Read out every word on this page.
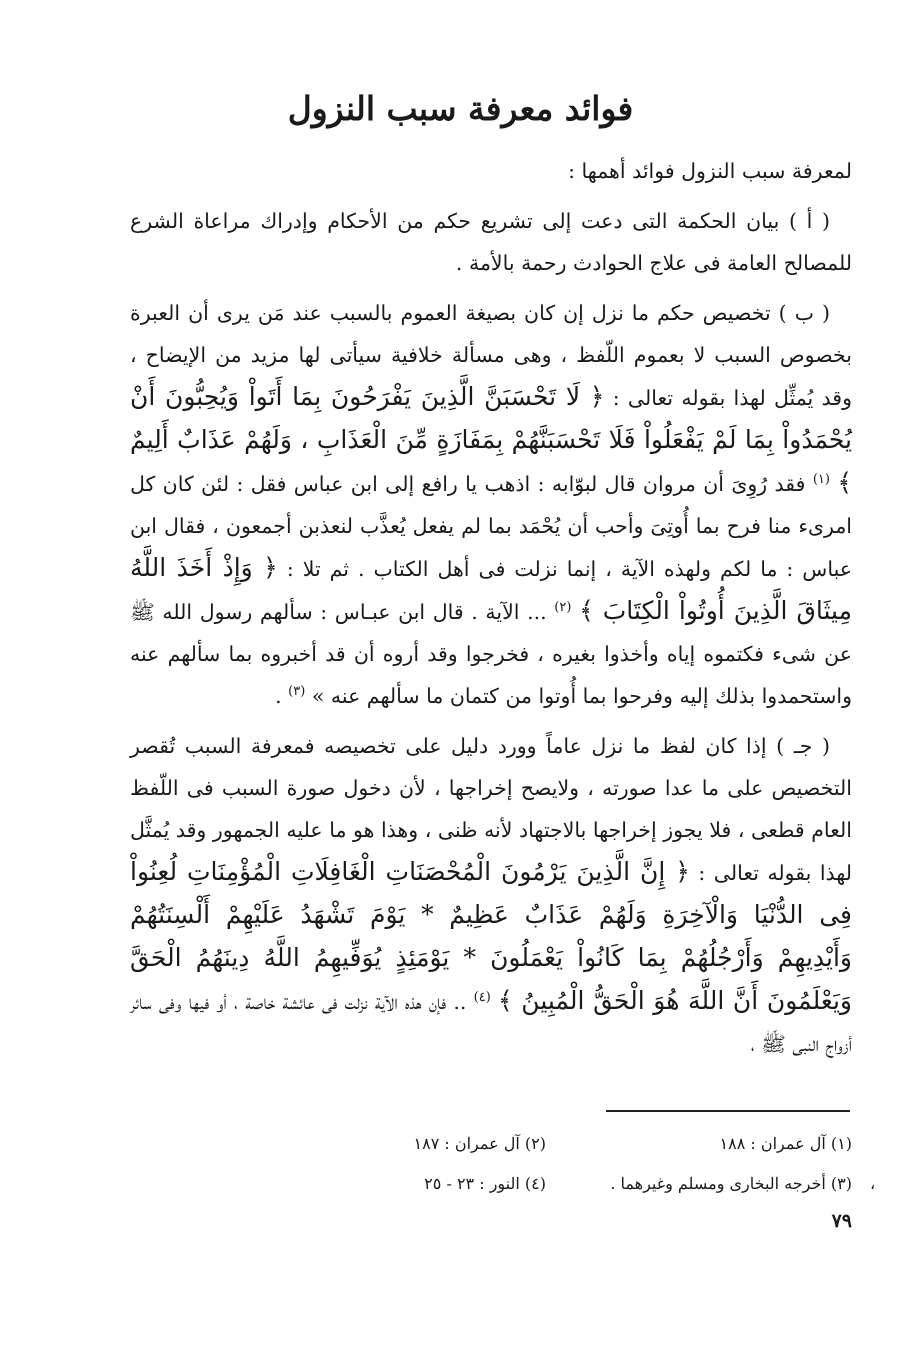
فوائد معرفة سبب النزول

لمعرفة سبب النزول فوائد أهمها :

( أ ) بيان الحكمة التى دعت إلى تشريع حكم من الأحكام وإدراك مراعاة الشرع للمصالح العامة فى علاج الحوادث رحمة بالأمة .

( ب ) تخصيص حكم ما نزل إن كان بصيغة العموم بالسبب عند مَن يرى أن العبرة بخصوص السبب لا بعموم اللّفظ ، وهى مسألة خلافية سيأتى لها مزيد من الإيضاح ، وقد يُمثِّل لهذا بقوله تعالى : ﴿ لَا تَحْسَبَنَّ الَّذِينَ يَفْرَحُونَ بِمَا أَتَواْ وَيُحِبُّونَ أَنْ يُحْمَدُواْ بِمَا لَمْ يَفْعَلُواْ فَلَا تَحْسَبَنَّهُمْ بِمَفَازَةٍ مِّنَ الْعَذَابِ ، وَلَهُمْ عَذَابٌ أَلِيمٌ ﴾ $^{(١)}$ فقد رُوِىَ أن مروان قال لبوّابه : اذهب يا رافع إلى ابن عباس فقل : لئن كان كل امرىء منا فرح بما أُوتِىَ وأحب أن يُحْمَد بما لم يفعل يُعذَّب لنعذبن أجمعون ، فقال ابن عباس : ما لكم ولهذه الآية ، إنما نزلت فى أهل الكتاب . ثم تلا : ﴿ وَإِذْ أَخَذَ اللَّهُ مِيثَاقَ الَّذِينَ أُوتُواْ الْكِتَابَ ﴾ $^{(٢)}$ ... الآية . قال ابن عبـاس : سألهم رسول الله ﷺ عن شىء فكتموه إياه وأخذوا بغيره ، فخرجوا وقد أروه أن قد أخبروه بما سألهم عنه واستحمدوا بذلك إليه وفرحوا بما أُوتوا من كتمان ما سألهم عنه » $^{(٣)}$ .

( جـ ) إذا كان لفظ ما نزل عاماً وورد دليل على تخصيصه فمعرفة السبب تُقصر التخصيص على ما عدا صورته ، ولايصح إخراجها ، لأن دخول صورة السبب فى اللّفظ العام قطعى ، فلا يجوز إخراجها بالاجتهاد لأنه ظنى ، وهذا هو ما عليه الجمهور وقد يُمثَّل لهذا بقوله تعالى : ﴿ إِنَّ الَّذِينَ يَرْمُونَ الْمُحْصَنَاتِ الْغَافِلَاتِ الْمُؤْمِنَاتِ لُعِنُواْ فِى الدُّنْيَا وَالْآخِرَةِ وَلَهُمْ عَذَابٌ عَظِيمٌ * يَوْمَ تَشْهَدُ عَلَيْهِمْ أَلْسِنَتُهُمْ وَأَيْدِيهِمْ وَأَرْجُلُهُمْ بِمَا كَانُواْ يَعْمَلُونَ * يَوْمَئِذٍ يُوَفِّيهِمُ اللَّهُ دِينَهُمُ الْحَقَّ وَيَعْلَمُونَ أَنَّ اللَّهَ هُوَ الْحَقُّ الْمُبِينُ ﴾ $^{(٤)}$ .. فإن هذه الآية نزلت فى عائشة خاصة ، أو فيها وفى سائر أزواج النبى ﷺ ،

(١) آل عمران : ١٨٨
(٢) آل عمران : ١٨٧
(٣) أخرجه البخارى ومسلم وغيرهما .
(٤) النور : ٢٣ - ٢٥	،
٧٩
